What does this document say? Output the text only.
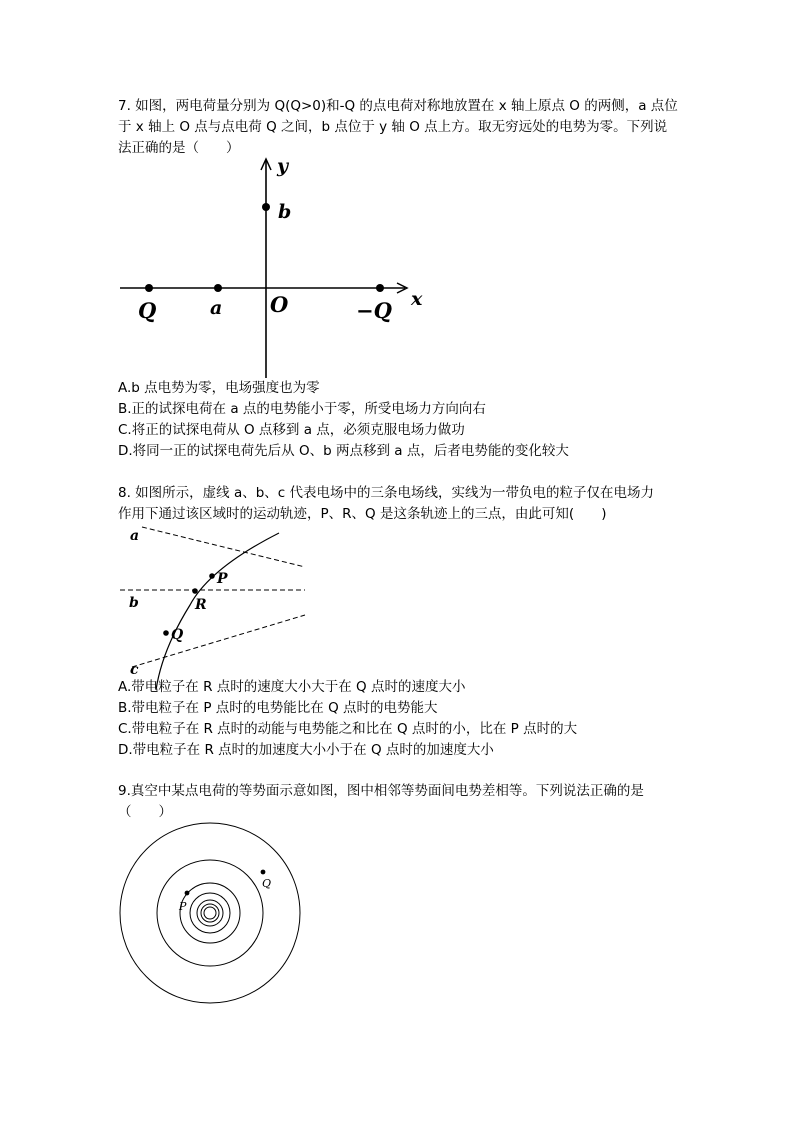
7. 如图，两电荷量分别为 Q(Q>0)和-Q 的点电荷对称地放置在 x 轴上原点 O 的两侧，a 点位

于 x 轴上 O 点与点电荷 Q 之间，b 点位于 y 轴 O 点上方。取无穷远处的电势为零。下列说

法正确的是（　　）

y
b
Q	a O	−Q x
A.b 点电势为零，电场强度也为零
B.正的试探电荷在 a 点的电势能小于零，所受电场力方向向右
C.将正的试探电荷从 O 点移到 a 点，必须克服电场力做功
D.将同一正的试探电荷先后从 O、b 两点移到 a 点，后者电势能的变化较大

8. 如图所示，虚线 a、b、c 代表电场中的三条电场线，实线为一带负电的粒子仅在电场力

作用下通过该区域时的运动轨迹，P、R、Q 是这条轨迹上的三点，由此可知(　　)

a
b
c
P
R
Q
A.带电粒子在 R 点时的速度大小大于在 Q 点时的速度大小
B.带电粒子在 P 点时的电势能比在 Q 点时的电势能大
C.带电粒子在 R 点时的动能与电势能之和比在 Q 点时的小，比在 P 点时的大
D.带电粒子在 R 点时的加速度大小小于在 Q 点时的加速度大小

9.真空中某点电荷的等势面示意如图，图中相邻等势面间电势差相等。下列说法正确的是

（　　）

P
Q
